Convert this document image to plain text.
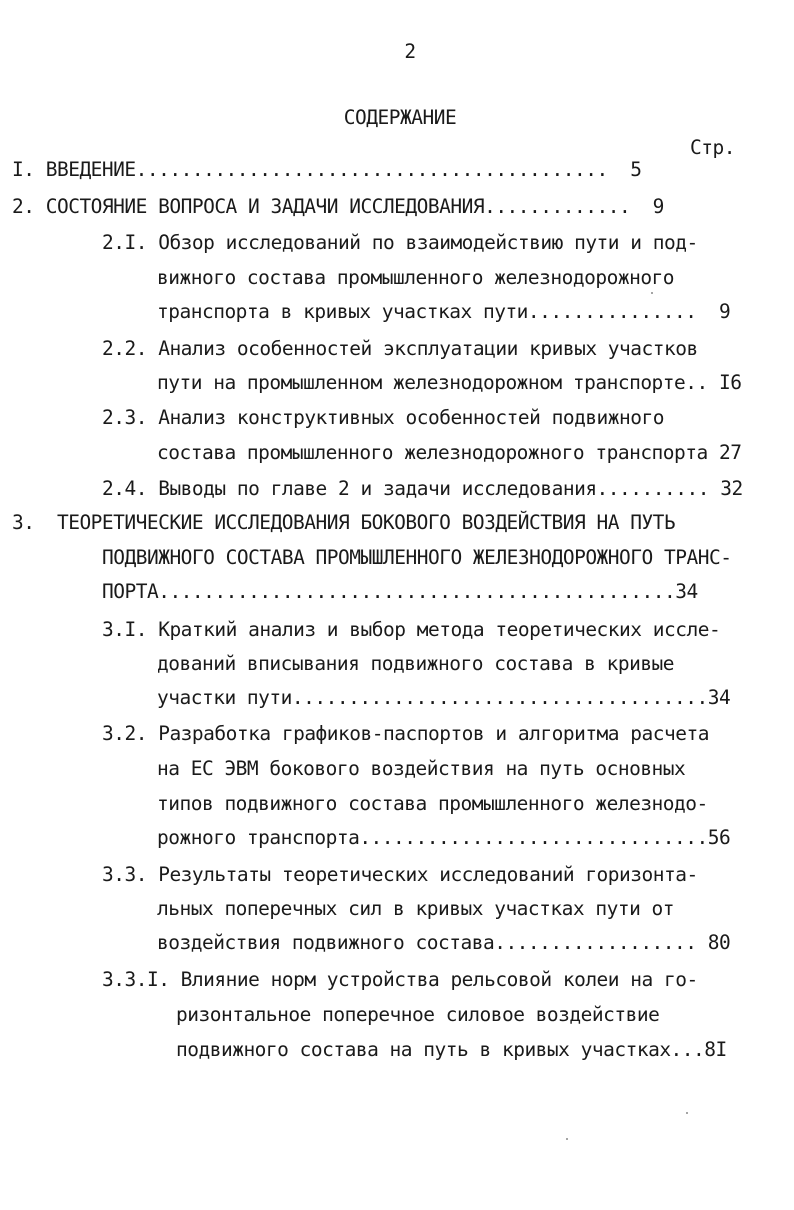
2
СОДЕРЖАНИЕ
Стр.
I. ВВЕДЕНИЕ..........................................  5
2. СОСТОЯНИЕ ВОПРОСА И ЗАДАЧИ ИССЛЕДОВАНИЯ.............  9
2.I. Обзор исследований по взаимодействию пути и под-
вижного состава промышленного железнодорожного
транспорта в кривых участках пути...............  9
2.2. Анализ особенностей эксплуатации кривых участков
пути на промышленном железнодорожном транспорте.. I6
2.3. Анализ конструктивных особенностей подвижного
состава промышленного железнодорожного транспорта 27
2.4. Выводы по главе 2 и задачи исследования.......... 32
3.  ТЕОРЕТИЧЕСКИЕ ИССЛЕДОВАНИЯ БОКОВОГО ВОЗДЕЙСТВИЯ НА ПУТЬ
ПОДВИЖНОГО СОСТАВА ПРОМЫШЛЕННОГО ЖЕЛЕЗНОДОРОЖНОГО ТРАНС-
ПОРТА..............................................34
3.I. Краткий анализ и выбор метода теоретических иссле-
дований вписывания подвижного состава в кривые
участки пути.....................................34
3.2. Разработка графиков-паспортов и алгоритма расчета
на ЕС ЭВМ бокового воздействия на путь основных
типов подвижного состава промышленного железнодо-
рожного транспорта...............................56
3.3. Результаты теоретических исследований горизонта-
льных поперечных сил в кривых участках пути от
воздействия подвижного состава.................. 80
3.3.I. Влияние норм устройства рельсовой колеи на го-
ризонтальное поперечное силовое воздействие
подвижного состава на путь в кривых участках...8I
